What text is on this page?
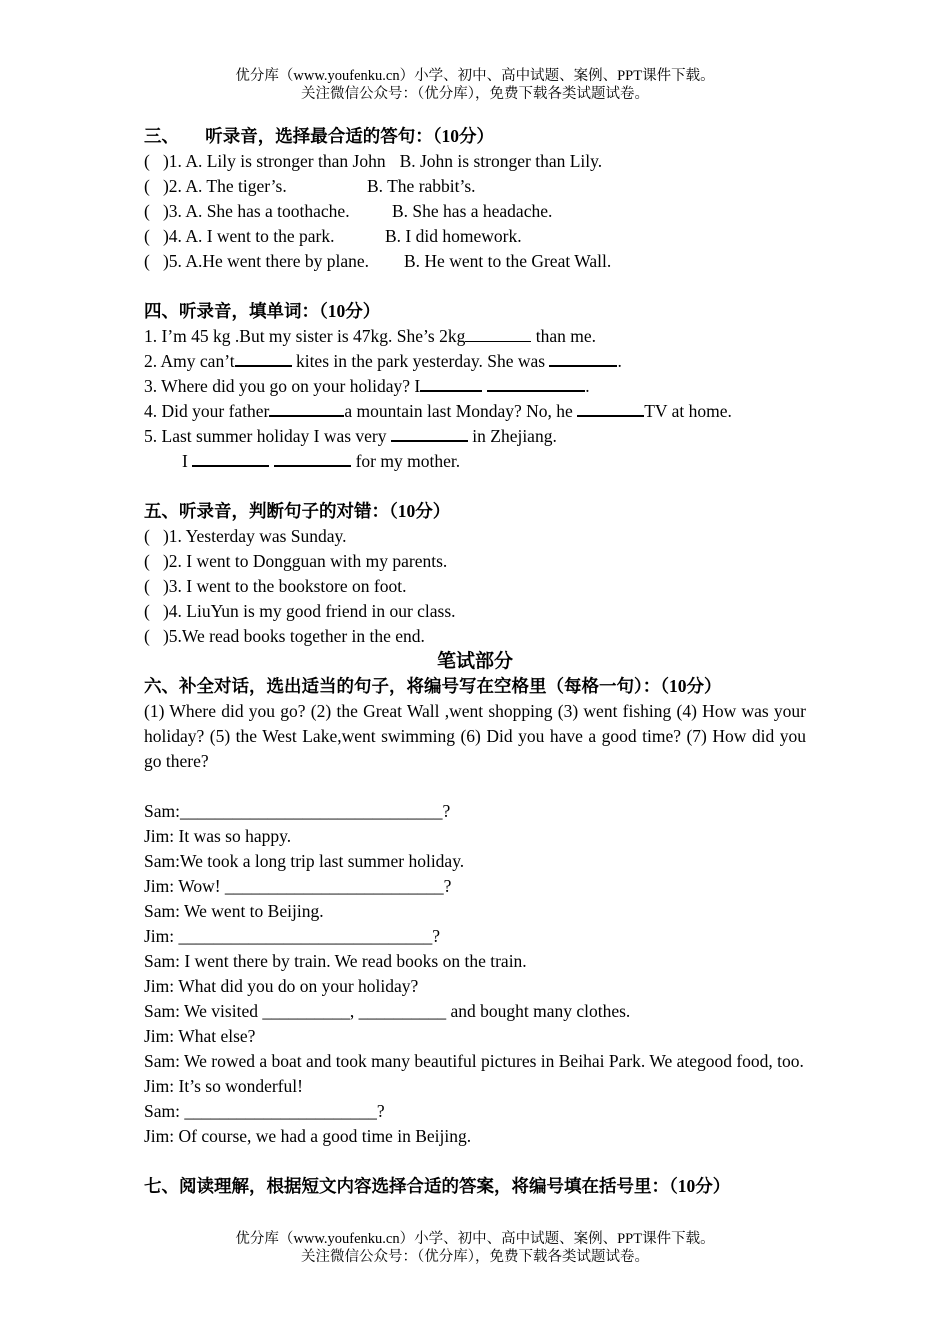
优分库（www.youfenku.cn）小学、初中、高中试题、案例、PPT课件下载。
关注微信公众号：（优分库），免费下载各类试题试卷。
三、      听录音，选择最合适的答句：（10分）
(   )1. A. Lily is stronger than John B. John is stronger than Lily.
(   )2. A. The tiger’s.	B. The rabbit’s.
(   )3. A. She has a toothache. B. She has a headache.
(   )4. A. I went to the park.	B. I did homework.
(   )5. A.He went there by plane. B. He went to the Great Wall.
四、听录音，填单词：（10分）
1. I’m 45 kg .But my sister is 47kg. She’s 2kg	than me.
2. Amy can’t	kites in the park yesterday. She was	.
3. Where did you go on your holiday? I	.
4. Did your father	a mountain last Monday? No, he	TV at home.
5. Last summer holiday I was very	in Zhejiang.
I	for my mother.
五、听录音，判断句子的对错：（10分）
(   )1. Yesterday was Sunday.
(   )2. I went to Dongguan with my parents.
(   )3. I went to the bookstore on foot.
(   )4. LiuYun is my good friend in our class.
(   )5.We read books together in the end.
笔试部分
六、补全对话，选出适当的句子，将编号写在空格里（每格一句）：（10分）
(1) Where did you go? (2) the Great Wall ,went shopping (3) went fishing (4) How was your holiday? (5) the West Lake,went swimming (6) Did you have a good time? (7) How did you go there?
Sam:______________________________?
Jim: It was so happy.
Sam:We took a long trip last summer holiday.
Jim: Wow! _________________________?
Sam: We went to Beijing.
Jim: _____________________________?
Sam: I went there by train. We read books on the train.
Jim: What did you do on your holiday?
Sam: We visited __________, __________ and bought many clothes.
Jim: What else?
Sam: We rowed a boat and took many beautiful pictures in Beihai Park. We ategood food, too.
Jim: It’s so wonderful!
Sam: ______________________?
Jim: Of course, we had a good time in Beijing.
七、阅读理解，根据短文内容选择合适的答案，将编号填在括号里：（10分）
优分库（www.youfenku.cn）小学、初中、高中试题、案例、PPT课件下载。
关注微信公众号：（优分库），免费下载各类试题试卷。
